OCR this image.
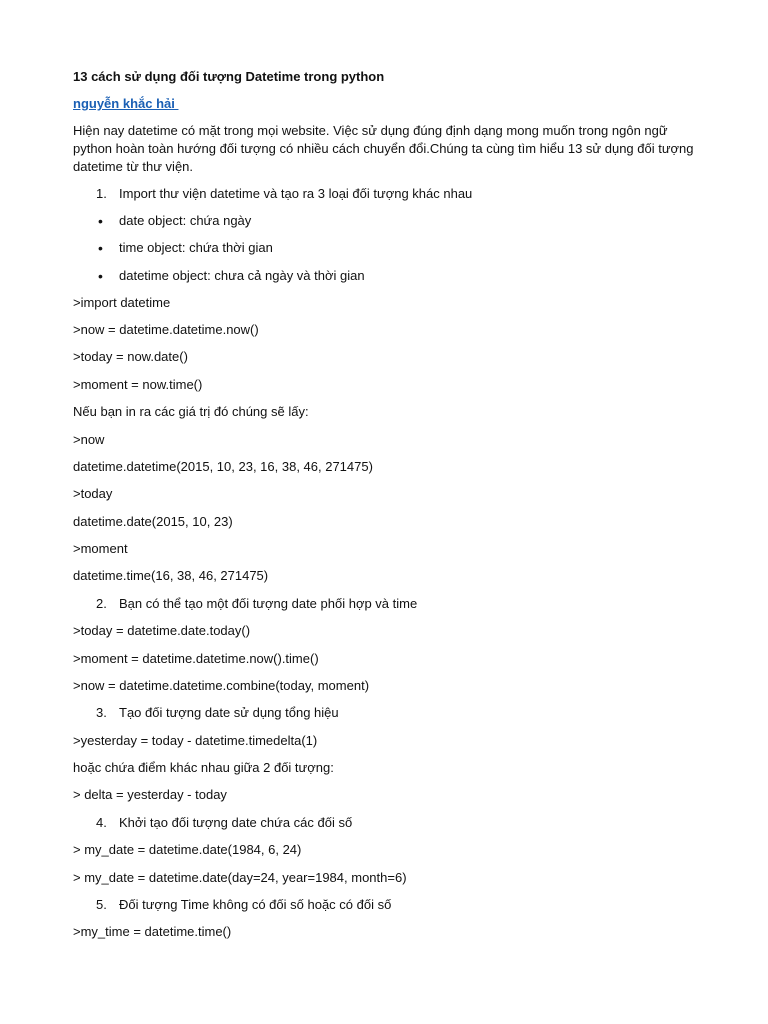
13 cách sử dụng đối tượng Datetime trong python
nguyễn khắc hải
Hiện nay datetime có mặt trong mọi website. Việc sử dụng đúng định dạng mong muốn trong ngôn ngữ
python hoàn toàn hướng đối tượng có nhiều cách chuyển đổi.Chúng ta cùng tìm hiểu 13 sử dụng đối tượng
datetime từ thư viện.
1. Import thư viện datetime và tạo ra 3 loại đối tượng khác nhau
• date object: chứa ngày
• time object: chứa thời gian
• datetime object: chưa cả ngày và thời gian
>import datetime
>now = datetime.datetime.now()
>today = now.date()
>moment = now.time()
Nếu bạn in ra các giá trị đó chúng sẽ lấy:
>now
datetime.datetime(2015, 10, 23, 16, 38, 46, 271475)
>today
datetime.date(2015, 10, 23)
>moment
datetime.time(16, 38, 46, 271475)
2. Bạn có thể tạo một đối tượng date phối hợp và time
>today = datetime.date.today()
>moment = datetime.datetime.now().time()
>now = datetime.datetime.combine(today, moment)
3. Tạo đối tượng date sử dụng tổng hiệu
>yesterday = today - datetime.timedelta(1)
hoặc chứa điểm khác nhau giữa 2 đối tượng:
> delta = yesterday - today
4. Khởi tạo đối tượng date chứa các đối số
> my_date = datetime.date(1984, 6, 24)
> my_date = datetime.date(day=24, year=1984, month=6)
5. Đối tượng Time không có đối số hoặc có đối số
>my_time = datetime.time()
